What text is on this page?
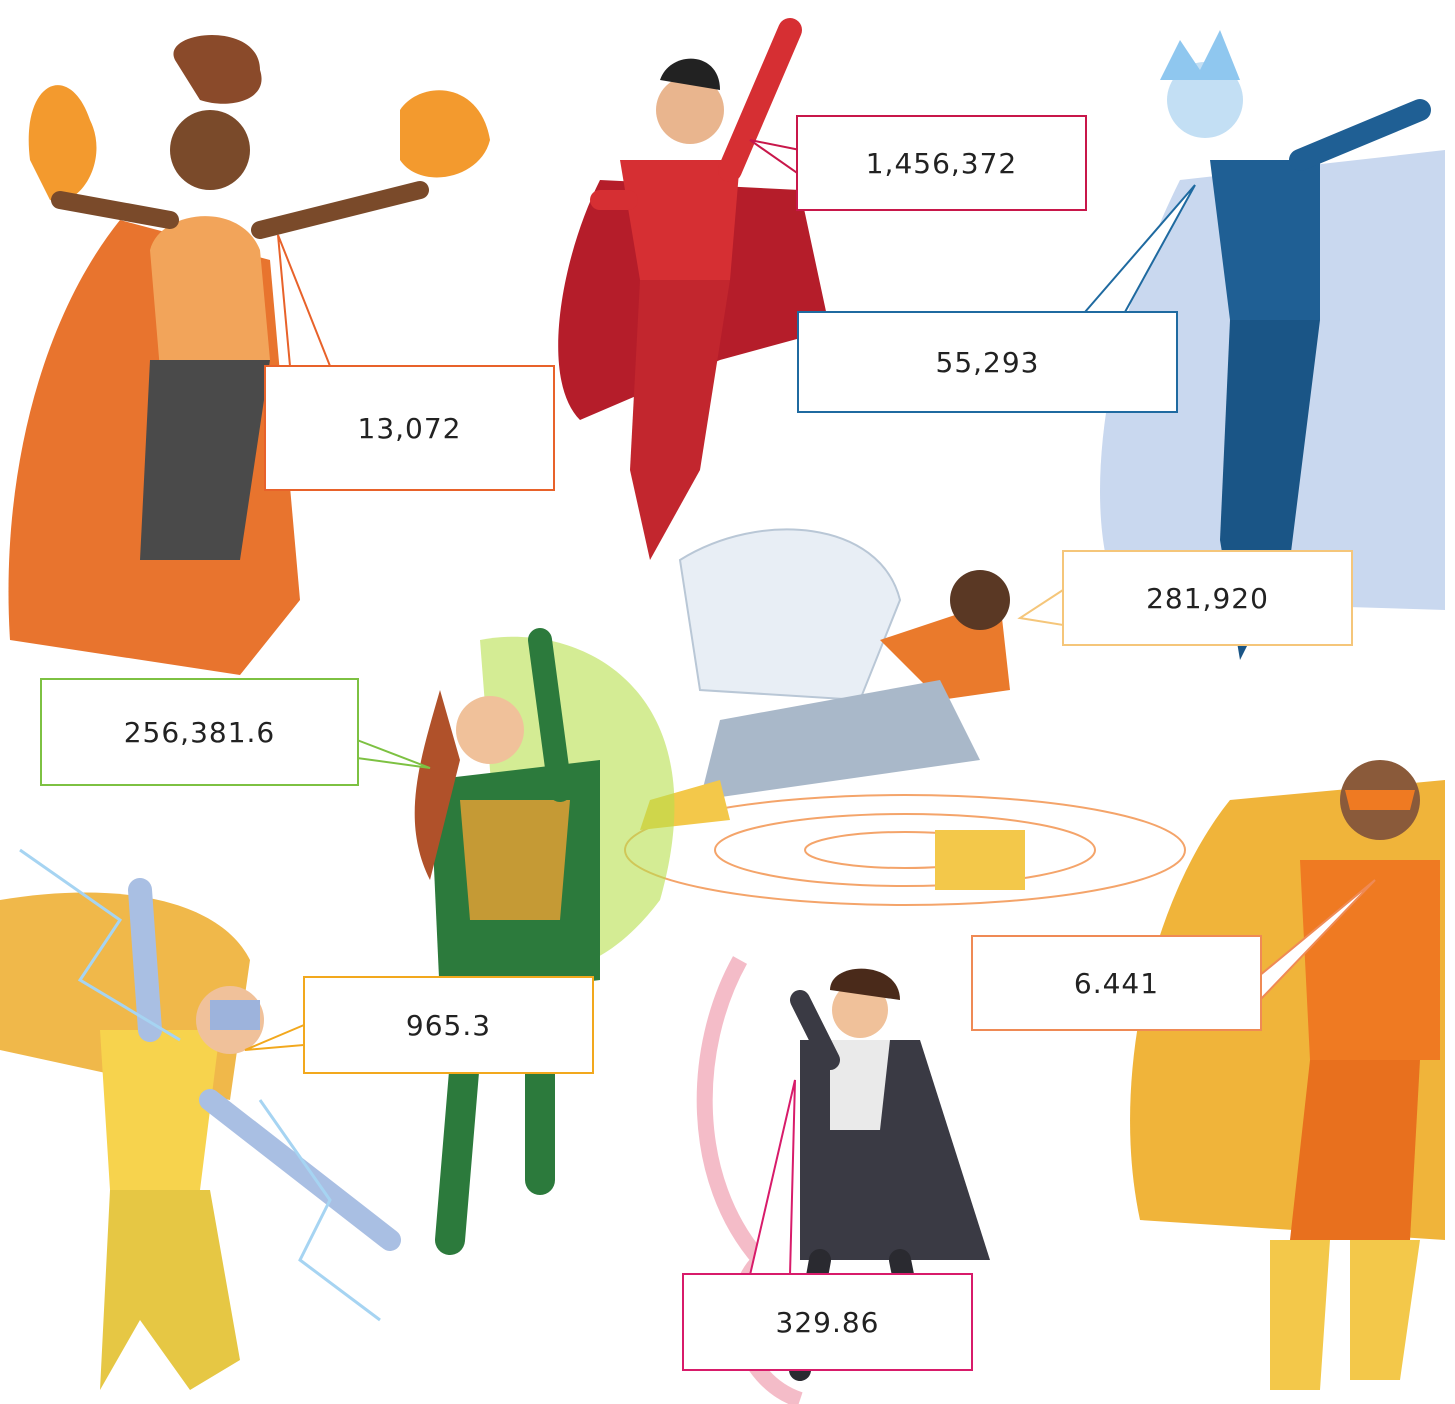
13,072
1,456,372
55,293
281,920
256,381.6
965.3
6.441
329.86
